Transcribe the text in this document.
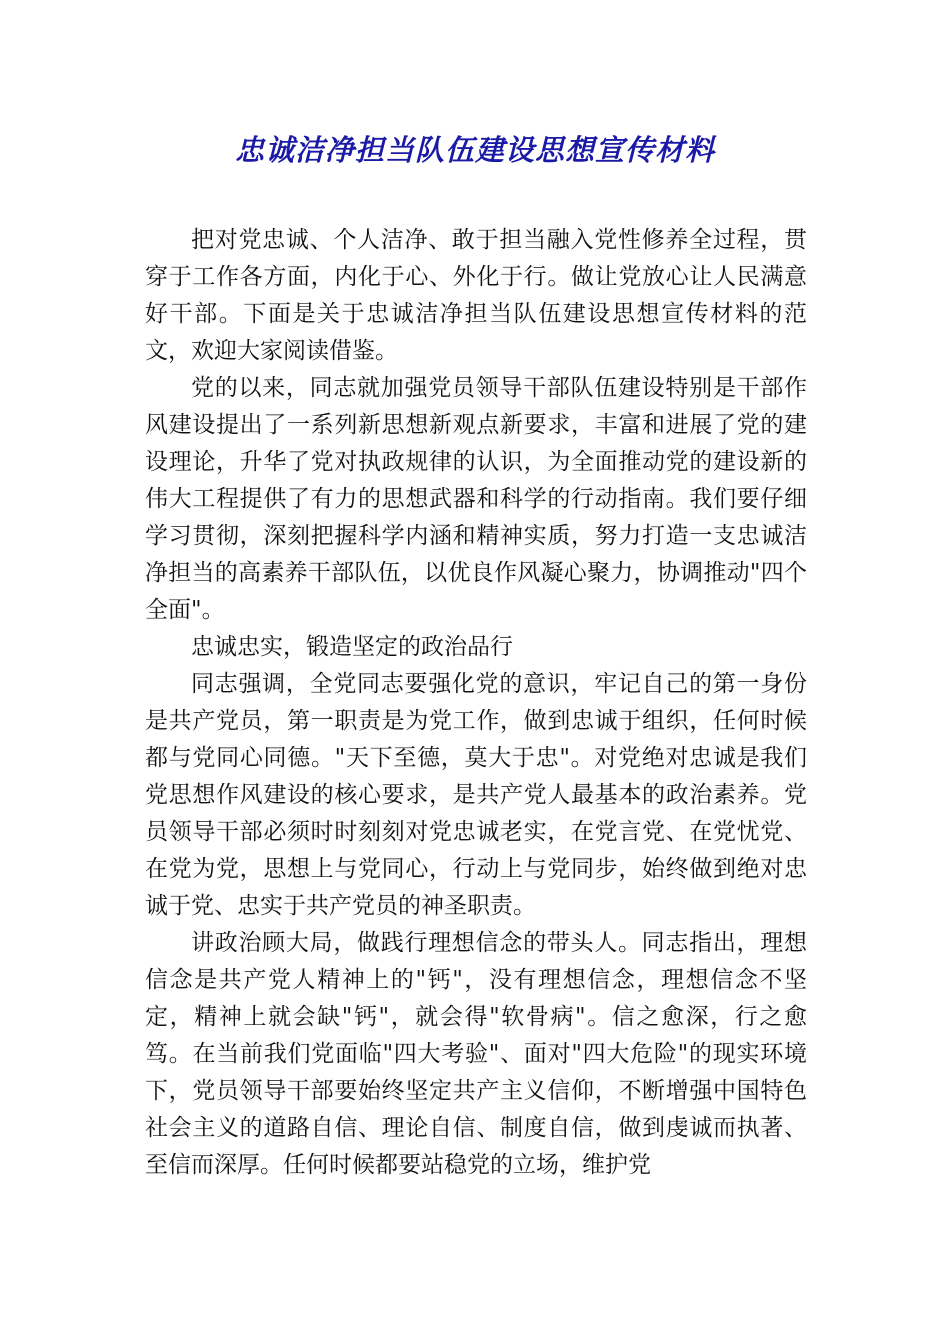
忠诚洁净担当队伍建设思想宣传材料

把对党忠诚、个人洁净、敢于担当融入党性修养全过程，贯穿于工作各方面，内化于心、外化于行。做让党放心让人民满意好干部。下面是关于忠诚洁净担当队伍建设思想宣传材料的范文，欢迎大家阅读借鉴。

党的以来，同志就加强党员领导干部队伍建设特别是干部作风建设提出了一系列新思想新观点新要求，丰富和进展了党的建设理论，升华了党对执政规律的认识，为全面推动党的建设新的伟大工程提供了有力的思想武器和科学的行动指南。我们要仔细学习贯彻，深刻把握科学内涵和精神实质，努力打造一支忠诚洁净担当的高素养干部队伍，以优良作风凝心聚力，协调推动"四个全面"。

忠诚忠实，锻造坚定的政治品行

同志强调，全党同志要强化党的意识，牢记自己的第一身份是共产党员，第一职责是为党工作，做到忠诚于组织，任何时候都与党同心同德。"天下至德，莫大于忠"。对党绝对忠诚是我们党思想作风建设的核心要求，是共产党人最基本的政治素养。党员领导干部必须时时刻刻对党忠诚老实，在党言党、在党忧党、在党为党，思想上与党同心，行动上与党同步，始终做到绝对忠诚于党、忠实于共产党员的神圣职责。

讲政治顾大局，做践行理想信念的带头人。同志指出，理想信念是共产党人精神上的"钙"，没有理想信念，理想信念不坚定，精神上就会缺"钙"，就会得"软骨病"。信之愈深，行之愈笃。在当前我们党面临"四大考验"、面对"四大危险"的现实环境下，党员领导干部要始终坚定共产主义信仰，不断增强中国特色社会主义的道路自信、理论自信、制度自信，做到虔诚而执著、至信而深厚。任何时候都要站稳党的立场，维护党
